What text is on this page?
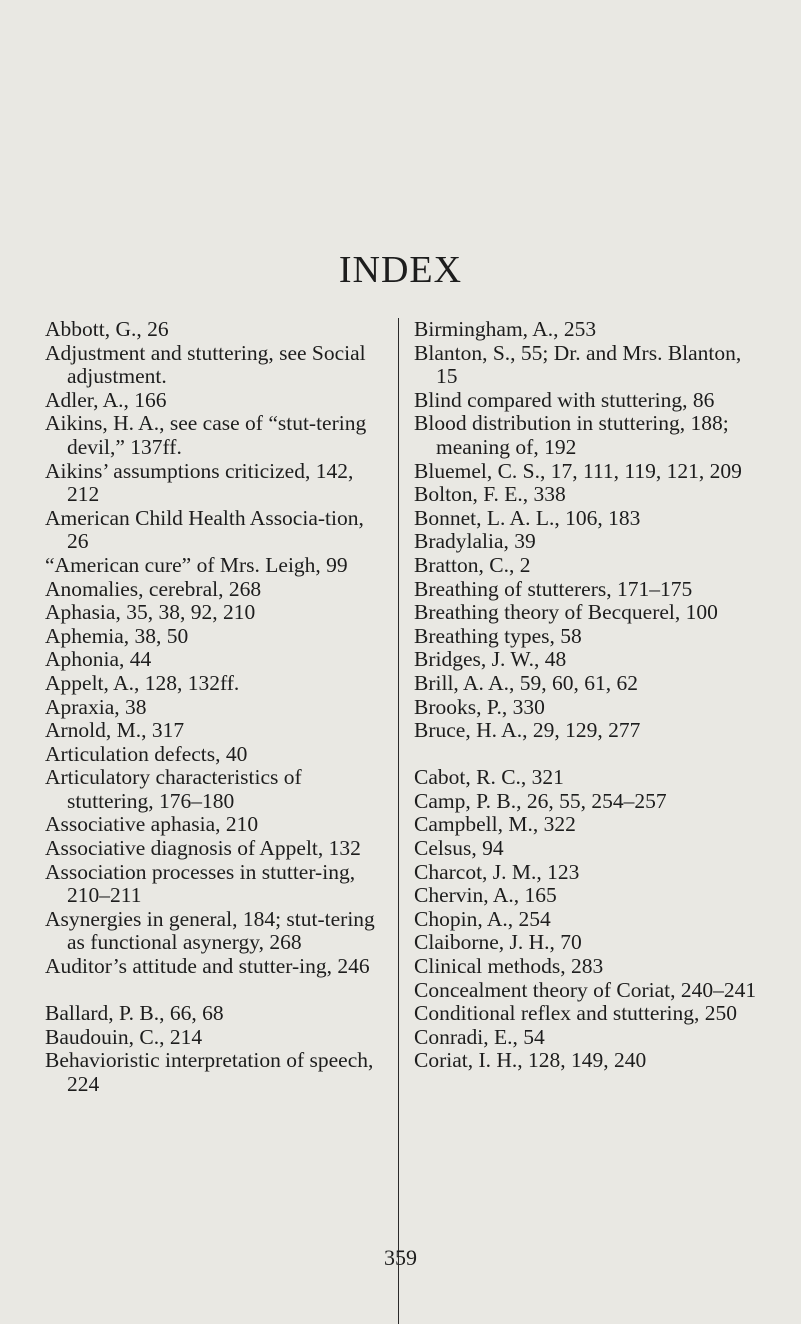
INDEX

Abbott, G., 26

Adjustment and stuttering, see Social adjustment.

Adler, A., 166

Aikins, H. A., see case of “stut-tering devil,” 137ff.

Aikins’ assumptions criticized, 142, 212

American Child Health Associa-tion, 26

“American cure” of Mrs. Leigh, 99

Anomalies, cerebral, 268

Aphasia, 35, 38, 92, 210

Aphemia, 38, 50

Aphonia, 44

Appelt, A., 128, 132ff.

Apraxia, 38

Arnold, M., 317

Articulation defects, 40

Articulatory characteristics of stuttering, 176–180

Associative aphasia, 210

Associative diagnosis of Appelt, 132

Association processes in stutter-ing, 210–211

Asynergies in general, 184; stut-tering as functional asynergy, 268

Auditor’s attitude and stutter-ing, 246

Ballard, P. B., 66, 68

Baudouin, C., 214

Behavioristic interpretation of speech, 224

Birmingham, A., 253

Blanton, S., 55; Dr. and Mrs. Blanton, 15

Blind compared with stuttering, 86

Blood distribution in stuttering, 188; meaning of, 192

Bluemel, C. S., 17, 111, 119, 121, 209

Bolton, F. E., 338

Bonnet, L. A. L., 106, 183

Bradylalia, 39

Bratton, C., 2

Breathing of stutterers, 171–175

Breathing theory of Becquerel, 100

Breathing types, 58

Bridges, J. W., 48

Brill, A. A., 59, 60, 61, 62

Brooks, P., 330

Bruce, H. A., 29, 129, 277

Cabot, R. C., 321

Camp, P. B., 26, 55, 254–257

Campbell, M., 322

Celsus, 94

Charcot, J. M., 123

Chervin, A., 165

Chopin, A., 254

Claiborne, J. H., 70

Clinical methods, 283

Concealment theory of Coriat, 240–241

Conditional reflex and stuttering, 250

Conradi, E., 54

Coriat, I. H., 128, 149, 240

359
